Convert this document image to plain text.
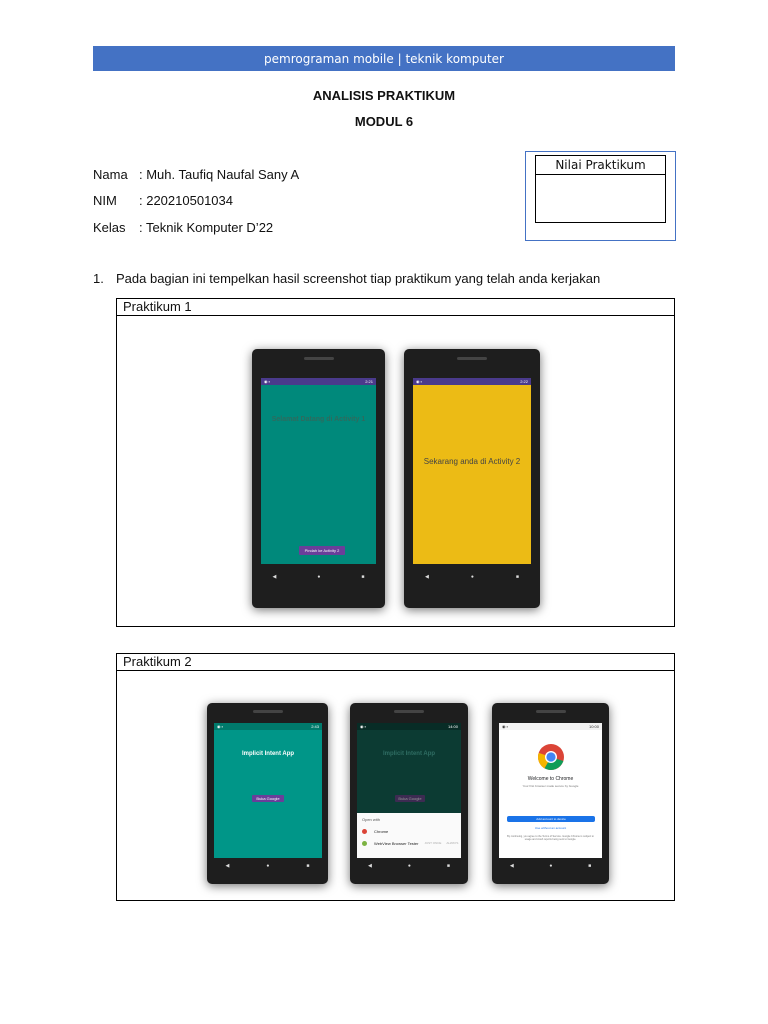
pemrograman mobile | teknik komputer
ANALISIS PRAKTIKUM
MODUL 6
Nama : Muh. Taufiq Naufal Sany A
NIM : 220210501034
Kelas : Teknik Komputer D’22
Nilai Praktikum
1. Pada bagian ini tempelkan hasil screenshot tiap praktikum yang telah anda kerjakan
Praktikum 1
◉ ▪	2:21
Selamat Datang di Activity 1
Pindah ke Activity 2
◀	●	■
◉ ▪	2:22
Sekarang anda di Activity 2
◀	●	■
Praktikum 2
◉ ▪	2:43
Implicit Intent App
Buka Google
◀	●	■
◉ ▪	14:00
Implicit Intent App
Buka Google
Open with
Chrome
WebView Browser Tester JUST ONCE ALWAYS
◀	●	■
◉ ▪	10:00
Welcome to Chrome
Your first browser made secure by Google
Add account to device
Use without an account
By continuing, you agree to the Terms of Service. Google Chrome is subject to usage and crash reports being sent to Google.
◀	●	■
